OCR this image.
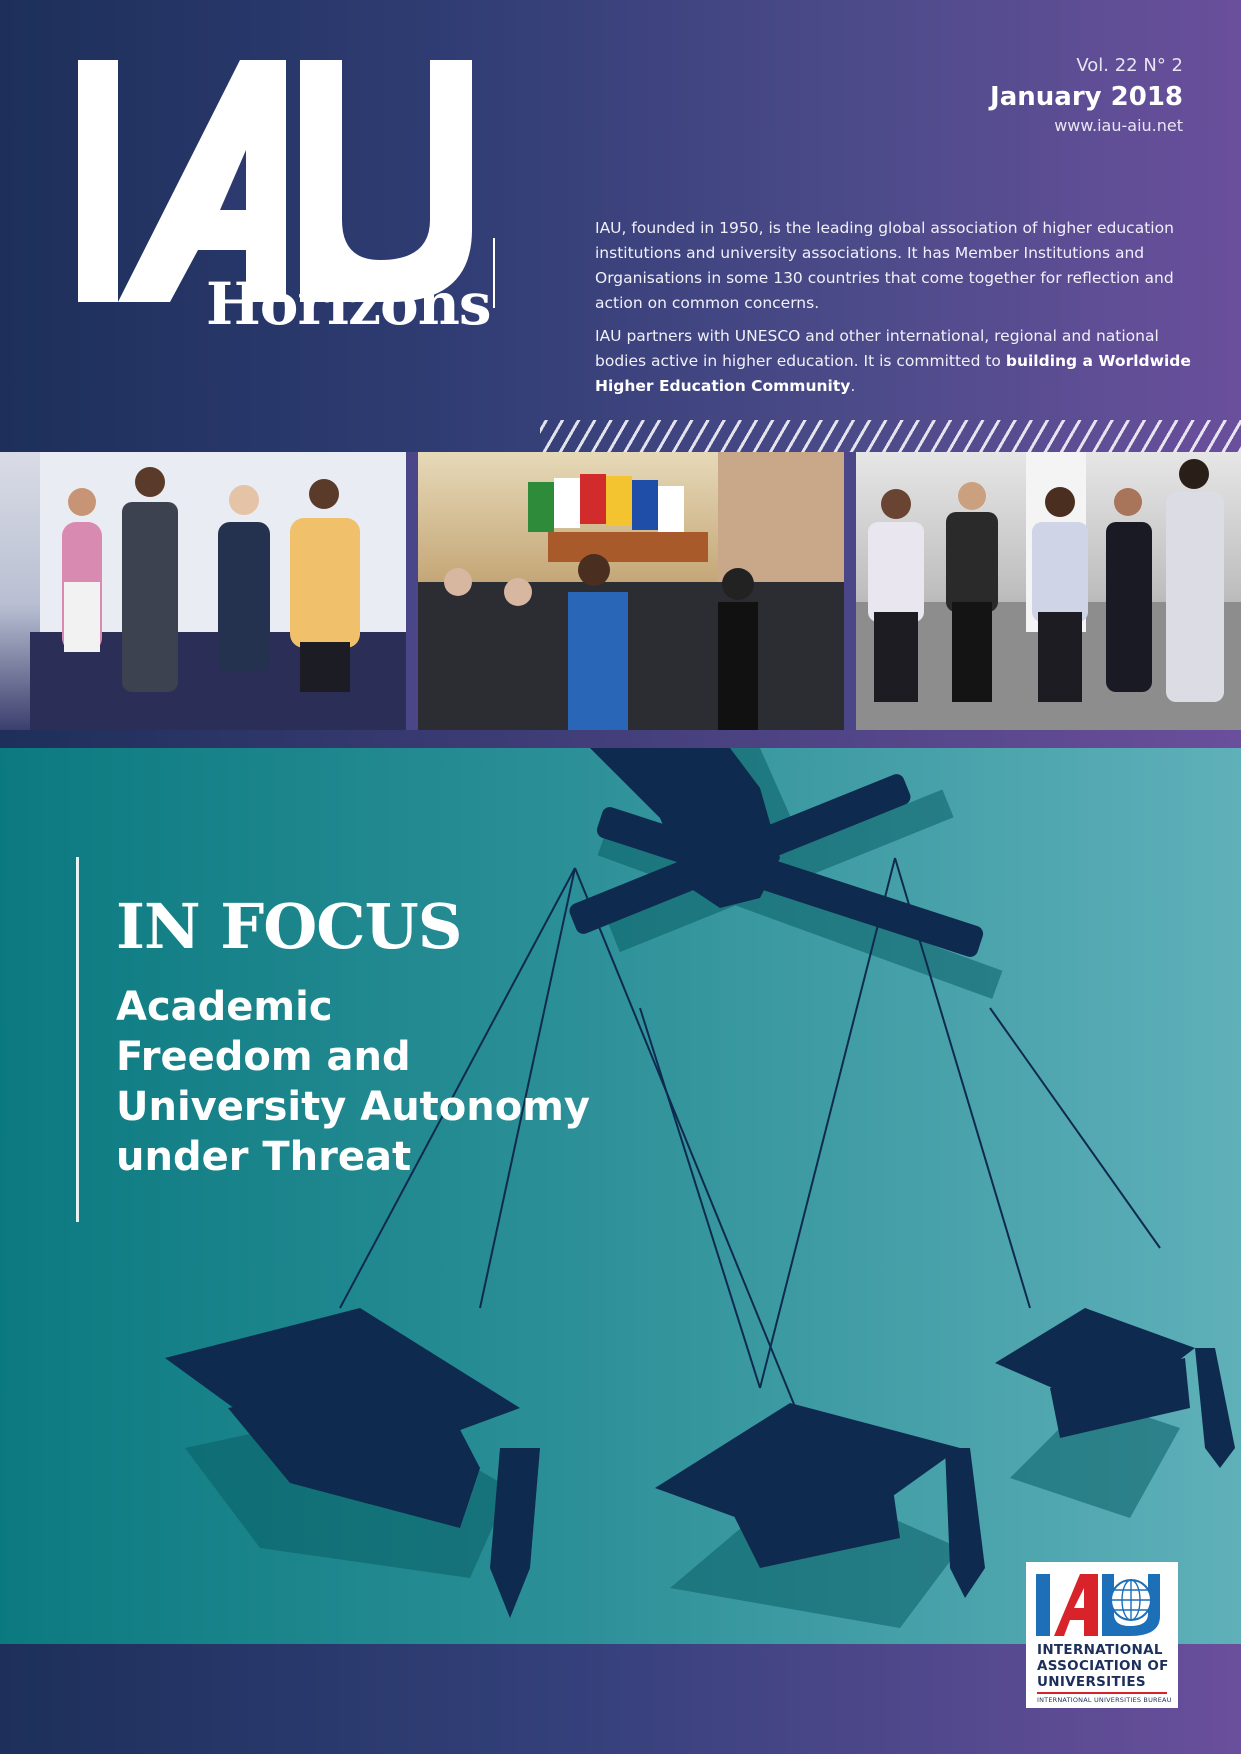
Horizons
Vol. 22 N° 2
January 2018
www.iau-aiu.net

IAU, founded in 1950, is the leading global association of higher education institutions and university associations. It has Member Institutions and Organisations in some 130 countries that come together for reflection and action on common concerns.

IAU partners with UNESCO and other international, regional and national bodies active in higher education. It is committed to building a Worldwide Higher Education Community.

IN FOCUS
Academic
Freedom and
University Autonomy
under Threat
INTERNATIONAL
ASSOCIATION OF
UNIVERSITIES
INTERNATIONAL UNIVERSITIES BUREAU
